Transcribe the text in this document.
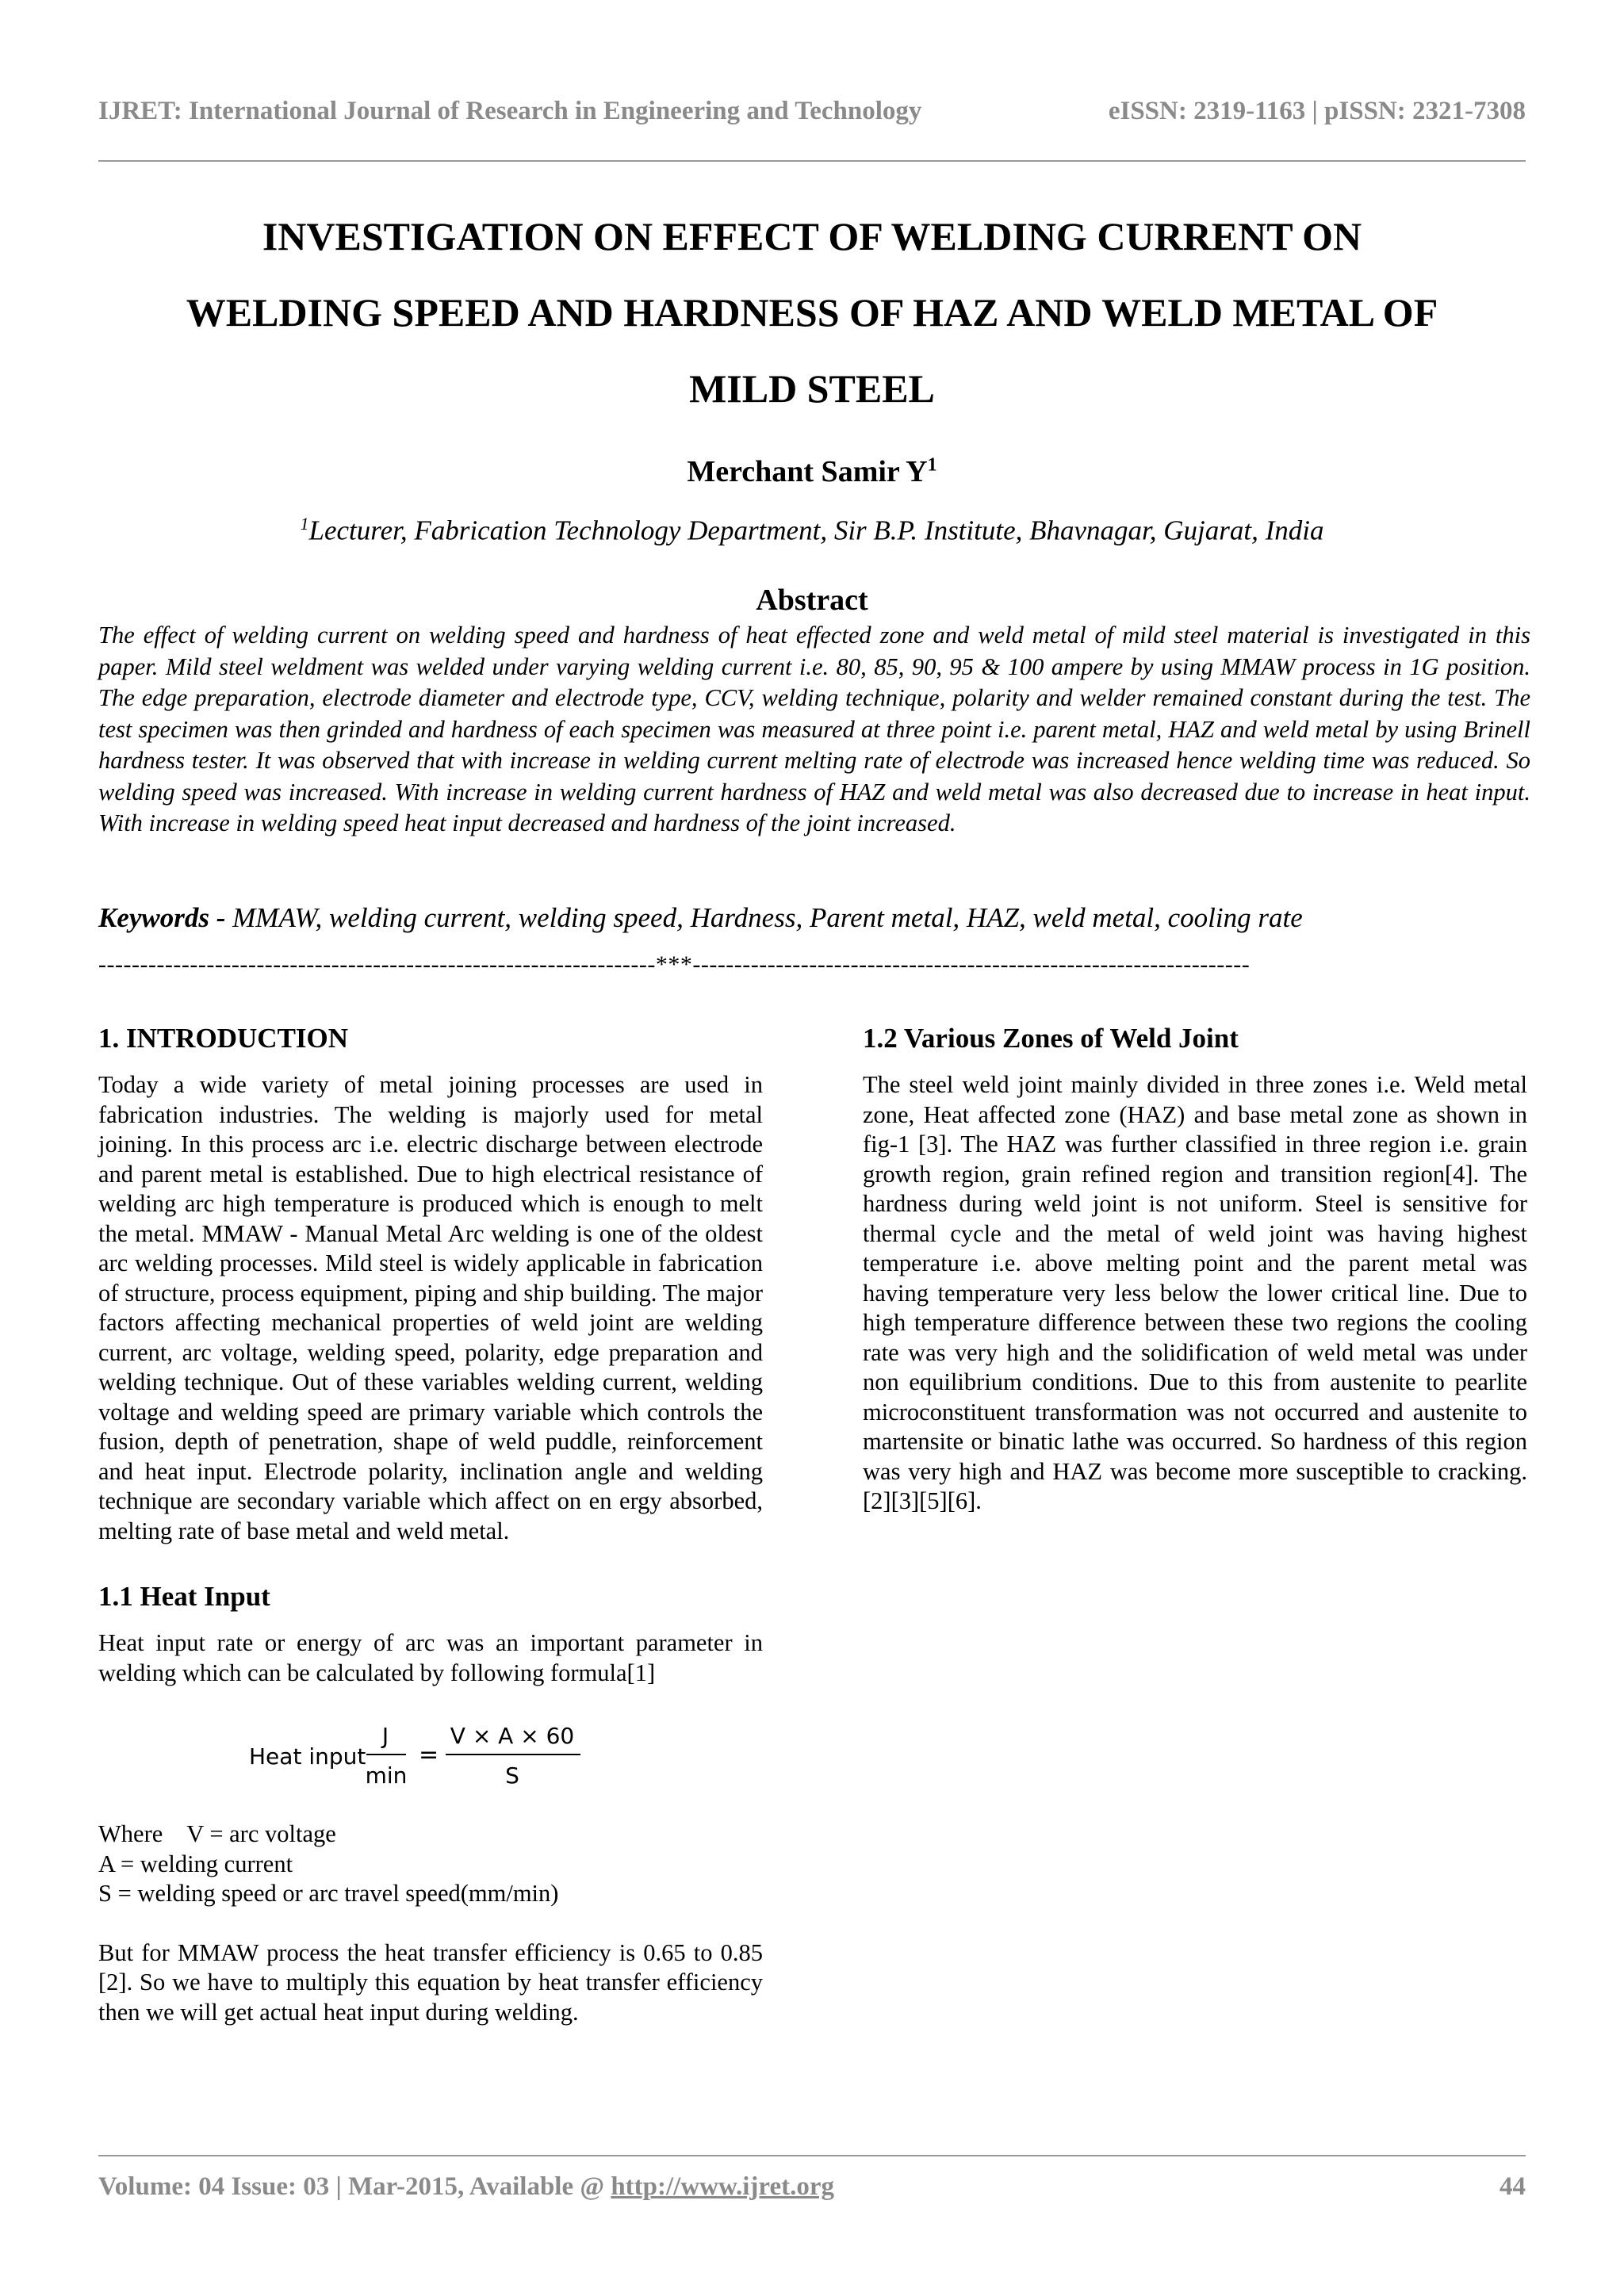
IJRET: International Journal of Research in Engineering and Technology	eISSN: 2319-1163 | pISSN: 2321-7308
INVESTIGATION ON EFFECT OF WELDING CURRENT ON
WELDING SPEED AND HARDNESS OF HAZ AND WELD METAL OF
MILD STEEL
Merchant Samir $Y^1$
$^1$Lecturer, Fabrication Technology Department, Sir B.P. Institute, Bhavnagar, Gujarat, India
Abstract
The effect of welding current on welding speed and hardness of heat effected zone and weld metal of mild steel material is investigated in this paper. Mild steel weldment was welded under varying welding current i.e. 80, 85, 90, 95 & 100 ampere by using MMAW process in 1G position. The edge preparation, electrode diameter and electrode type, CCV, welding technique, polarity and welder remained constant during the test. The test specimen was then grinded and hardness of each specimen was measured at three point i.e. parent metal, HAZ and weld metal by using Brinell hardness tester. It was observed that with increase in welding current melting rate of electrode was increased hence welding time was reduced. So welding speed was increased. With increase in welding current hardness of HAZ and weld metal was also decreased due to increase in heat input. With increase in welding speed heat input decreased and hardness of the joint increased.
Keywords - MMAW, welding current, welding speed, Hardness, Parent metal, HAZ, weld metal, cooling rate
-------------------------------------------------------------------***-------------------------------------------------------------------
1. INTRODUCTION

Today a wide variety of metal joining processes are used in fabrication industries. The welding is majorly used for metal joining. In this process arc i.e. electric discharge between electrode and parent metal is established. Due to high electrical resistance of welding arc high temperature is produced which is enough to melt the metal. MMAW - Manual Metal Arc welding is one of the oldest arc welding processes. Mild steel is widely applicable in fabrication of structure, process equipment, piping and ship building. The major factors affecting mechanical properties of weld joint are welding current, arc voltage, welding speed, polarity, edge preparation and welding technique. Out of these variables welding current, welding voltage and welding speed are primary variable which controls the fusion, depth of penetration, shape of weld puddle, reinforcement and heat input. Electrode polarity, inclination angle and welding technique are secondary variable which affect on en ergy absorbed, melting rate of base metal and weld metal.

1.1 Heat Input

Heat input rate or energy of arc was an important parameter in welding which can be calculated by following formula[1]

Heat input
J
min
=
V × A × 60
S
Where    V = arc voltage
A = welding current
S = welding speed or arc travel speed(mm/min)

But for MMAW process the heat transfer efficiency is 0.65 to 0.85 [2]. So we have to multiply this equation by heat transfer efficiency then we will get actual heat input during welding.

1.2 Various Zones of Weld Joint

The steel weld joint mainly divided in three zones i.e. Weld metal zone, Heat affected zone (HAZ) and base metal zone as shown in fig-1 [3]. The HAZ was further classified in three region i.e. grain growth region, grain refined region and transition region[4]. The hardness during weld joint is not uniform. Steel is sensitive for thermal cycle and the metal of weld joint was having highest temperature i.e. above melting point and the parent metal was having temperature very less below the lower critical line. Due to high temperature difference between these two regions the cooling rate was very high and the solidification of weld metal was under non equilibrium conditions. Due to this from austenite to pearlite microconstituent transformation was not occurred and austenite to martensite or binatic lathe was occurred. So hardness of this region was very high and HAZ was become more susceptible to cracking. [2][3][5][6].

Volume: 04 Issue: 03 | Mar-2015, Available @ http://www.ijret.org	44
